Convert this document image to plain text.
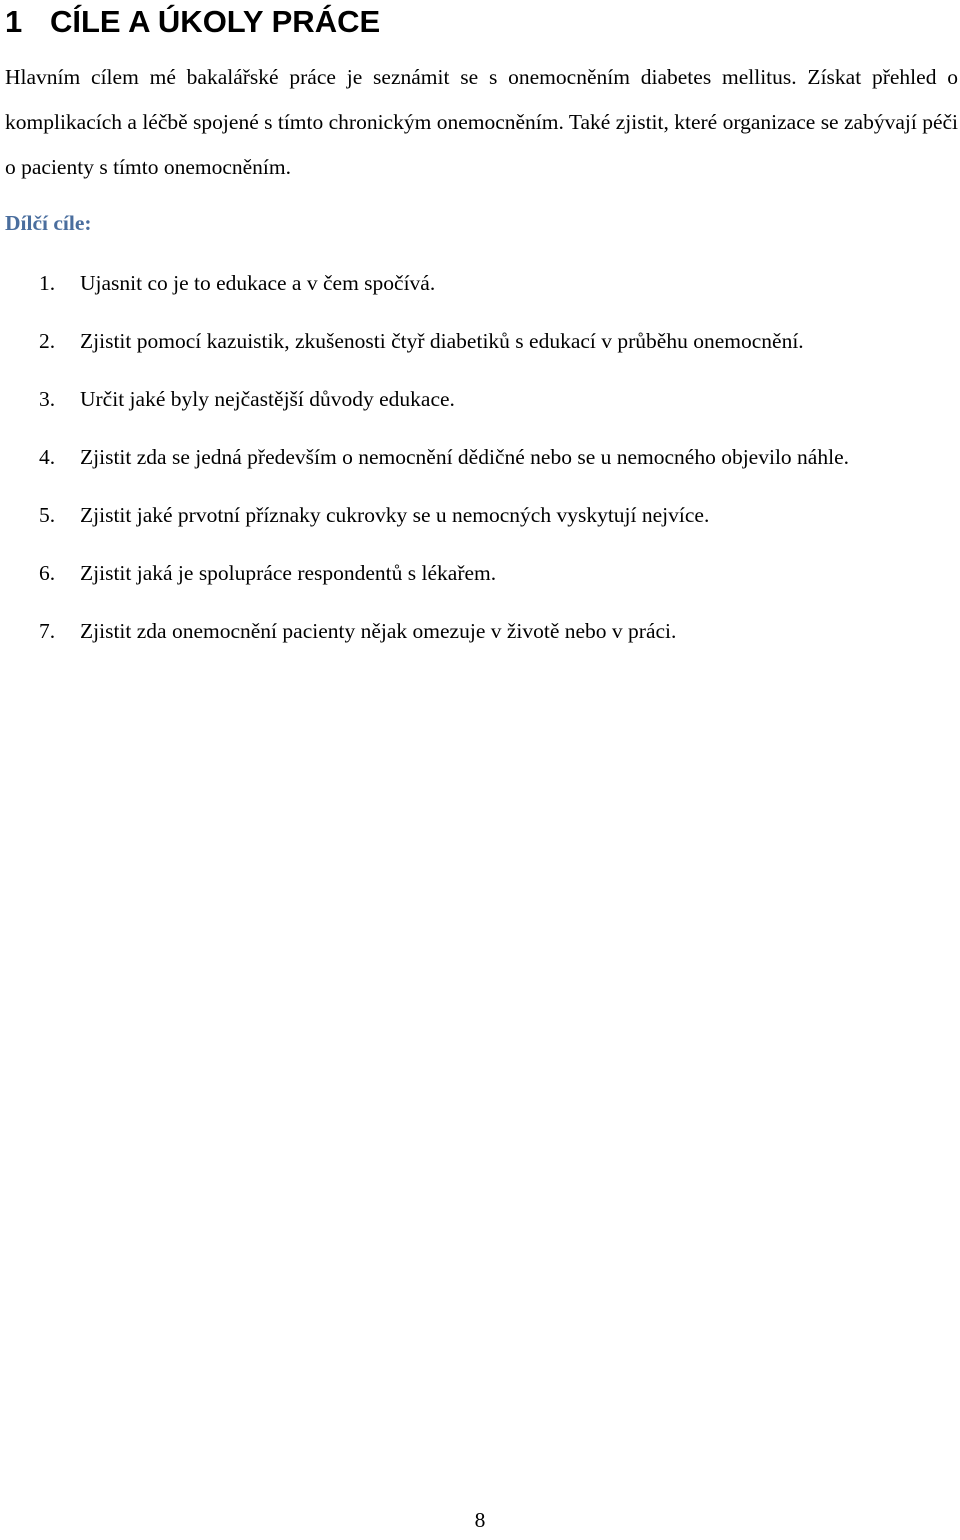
1 CÍLE A ÚKOLY PRÁCE

Hlavním cílem mé bakalářské práce je seznámit se s onemocněním diabetes mellitus. Získat přehled o komplikacích a léčbě spojené s tímto chronickým onemocněním. Také zjistit, které organizace se zabývají péči o pacienty s tímto onemocněním.

Dílčí cíle:

1. Ujasnit co je to edukace a v čem spočívá.
2. Zjistit pomocí kazuistik, zkušenosti čtyř diabetiků s edukací v průběhu onemocnění.
3. Určit jaké byly nejčastější důvody edukace.
4. Zjistit zda se jedná především o nemocnění dědičné nebo se u nemocného objevilo náhle.
5. Zjistit jaké prvotní příznaky cukrovky se u nemocných vyskytují nejvíce.
6. Zjistit jaká je spolupráce respondentů s lékařem.
7. Zjistit zda onemocnění pacienty nějak omezuje v životě nebo v práci.

8
